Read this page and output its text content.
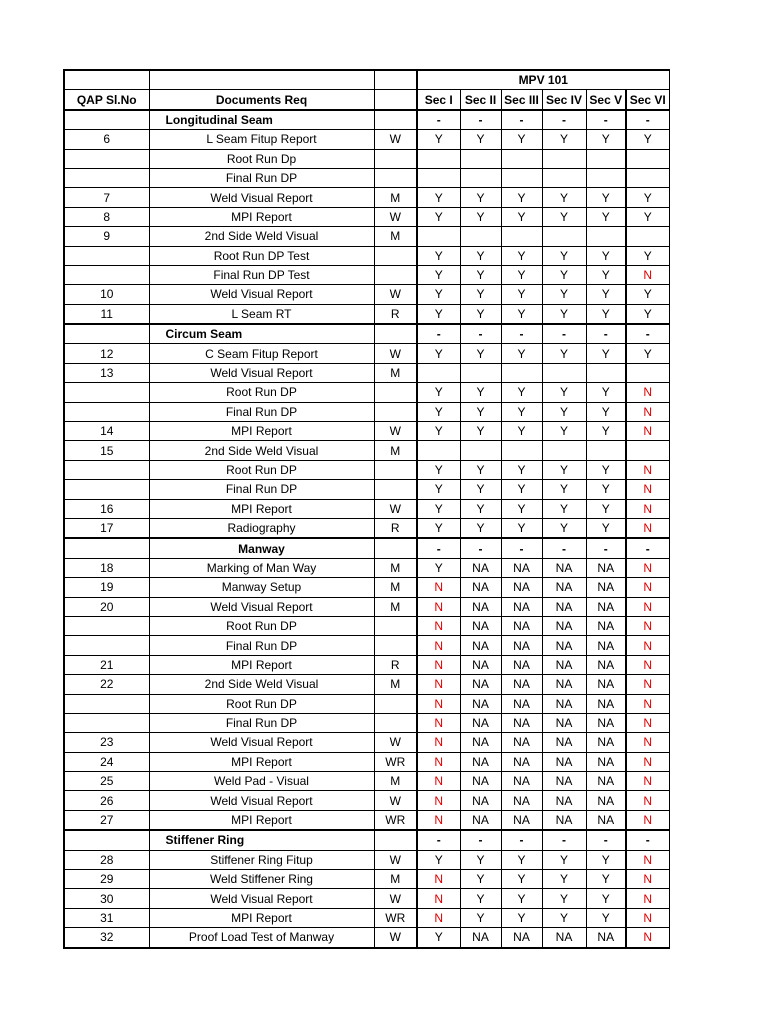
			MPV 101					
QAP Sl.No	Documents Req		Sec I	Sec II	Sec III	Sec IV	Sec V	Sec VI
	Longitudinal Seam		-	-	-	-	-	-
6	L Seam Fitup Report	W	Y	Y	Y	Y	Y	Y
	Root Run Dp							
	Final Run DP							
7	Weld Visual Report	M	Y	Y	Y	Y	Y	Y
8	MPI Report	W	Y	Y	Y	Y	Y	Y
9	2nd Side Weld Visual	M						
	Root Run DP Test		Y	Y	Y	Y	Y	Y
	Final Run DP Test		Y	Y	Y	Y	Y	N
10	Weld Visual Report	W	Y	Y	Y	Y	Y	Y
11	L Seam RT	R	Y	Y	Y	Y	Y	Y
	Circum Seam		-	-	-	-	-	-
12	C Seam Fitup Report	W	Y	Y	Y	Y	Y	Y
13	Weld Visual Report	M						
	Root Run DP		Y	Y	Y	Y	Y	N
	Final Run DP		Y	Y	Y	Y	Y	N
14	MPI Report	W	Y	Y	Y	Y	Y	N
15	2nd Side Weld Visual	M						
	Root Run DP		Y	Y	Y	Y	Y	N
	Final Run DP		Y	Y	Y	Y	Y	N
16	MPI Report	W	Y	Y	Y	Y	Y	N
17	Radiography	R	Y	Y	Y	Y	Y	N
	Manway		-	-	-	-	-	-
18	Marking of Man Way	M	Y	NA	NA	NA	NA	N
19	Manway Setup	M	N	NA	NA	NA	NA	N
20	Weld Visual Report	M	N	NA	NA	NA	NA	N
	Root Run DP		N	NA	NA	NA	NA	N
	Final Run DP		N	NA	NA	NA	NA	N
21	MPI Report	R	N	NA	NA	NA	NA	N
22	2nd Side Weld Visual	M	N	NA	NA	NA	NA	N
	Root Run DP		N	NA	NA	NA	NA	N
	Final Run DP		N	NA	NA	NA	NA	N
23	Weld Visual Report	W	N	NA	NA	NA	NA	N
24	MPI Report	WR	N	NA	NA	NA	NA	N
25	Weld Pad - Visual	M	N	NA	NA	NA	NA	N
26	Weld Visual Report	W	N	NA	NA	NA	NA	N
27	MPI Report	WR	N	NA	NA	NA	NA	N
	Stiffener Ring		-	-	-	-	-	-
28	Stiffener Ring Fitup	W	Y	Y	Y	Y	Y	N
29	Weld Stiffener Ring	M	N	Y	Y	Y	Y	N
30	Weld Visual Report	W	N	Y	Y	Y	Y	N
31	MPI Report	WR	N	Y	Y	Y	Y	N
32	Proof Load Test of Manway	W	Y	NA	NA	NA	NA	N
